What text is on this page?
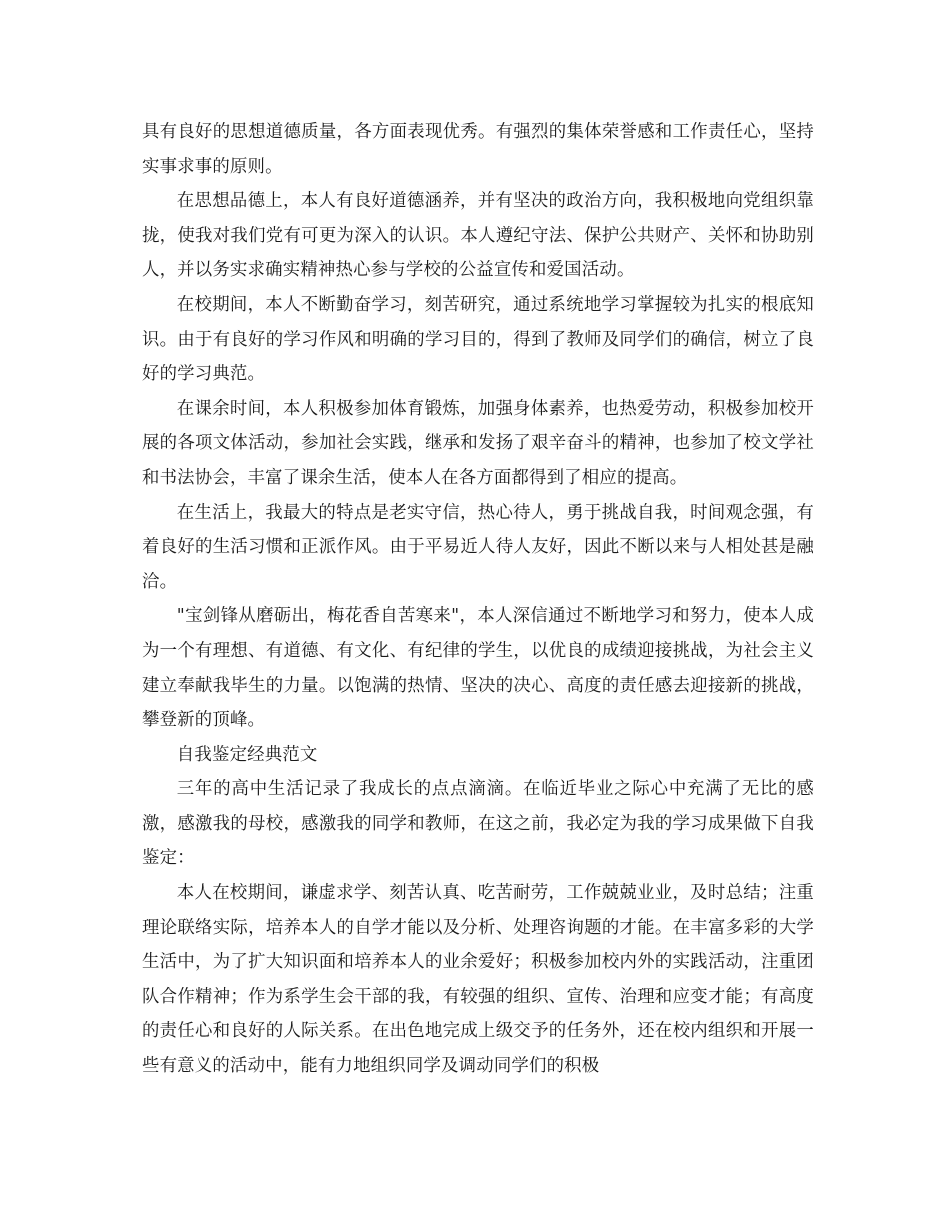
具有良好的思想道德质量，各方面表现优秀。有强烈的集体荣誉感和工作责任心，坚持实事求事的原则。

在思想品德上，本人有良好道德涵养，并有坚决的政治方向，我积极地向党组织靠拢，使我对我们党有可更为深入的认识。本人遵纪守法、保护公共财产、关怀和协助别人，并以务实求确实精神热心参与学校的公益宣传和爱国活动。

在校期间，本人不断勤奋学习，刻苦研究，通过系统地学习掌握较为扎实的根底知识。由于有良好的学习作风和明确的学习目的，得到了教师及同学们的确信，树立了良好的学习典范。

在课余时间，本人积极参加体育锻炼，加强身体素养，也热爱劳动，积极参加校开展的各项文体活动，参加社会实践，继承和发扬了艰辛奋斗的精神，也参加了校文学社和书法协会，丰富了课余生活，使本人在各方面都得到了相应的提高。

在生活上，我最大的特点是老实守信，热心待人，勇于挑战自我，时间观念强，有着良好的生活习惯和正派作风。由于平易近人待人友好，因此不断以来与人相处甚是融洽。

"宝剑锋从磨砺出，梅花香自苦寒来"，本人深信通过不断地学习和努力，使本人成为一个有理想、有道德、有文化、有纪律的学生，以优良的成绩迎接挑战，为社会主义建立奉献我毕生的力量。以饱满的热情、坚决的决心、高度的责任感去迎接新的挑战，攀登新的顶峰。

自我鉴定经典范文

三年的高中生活记录了我成长的点点滴滴。在临近毕业之际心中充满了无比的感激，感激我的母校，感激我的同学和教师，在这之前，我必定为我的学习成果做下自我鉴定：

本人在校期间，谦虚求学、刻苦认真、吃苦耐劳，工作兢兢业业，及时总结；注重理论联络实际，培养本人的自学才能以及分析、处理咨询题的才能。在丰富多彩的大学生活中，为了扩大知识面和培养本人的业余爱好；积极参加校内外的实践活动，注重团队合作精神；作为系学生会干部的我，有较强的组织、宣传、治理和应变才能；有高度的责任心和良好的人际关系。在出色地完成上级交予的任务外，还在校内组织和开展一些有意义的活动中，能有力地组织同学及调动同学们的积极
